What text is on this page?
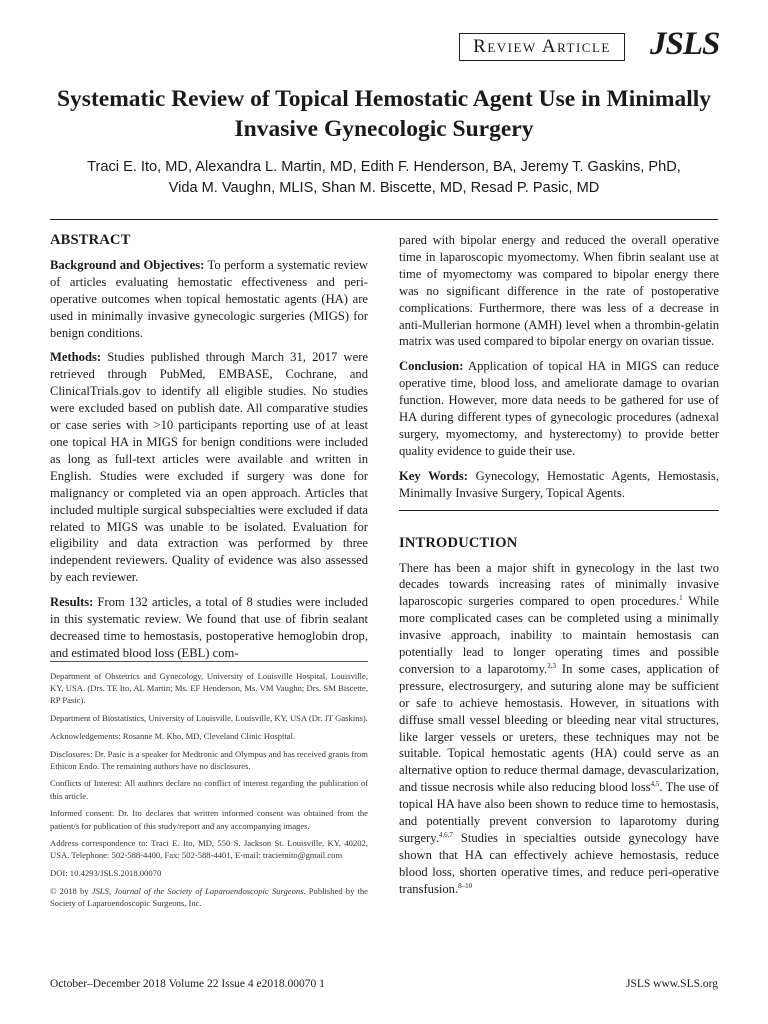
Review Article	JSLS
Systematic Review of Topical Hemostatic Agent Use in Minimally Invasive Gynecologic Surgery
Traci E. Ito, MD, Alexandra L. Martin, MD, Edith F. Henderson, BA, Jeremy T. Gaskins, PhD,
Vida M. Vaughn, MLIS, Shan M. Biscette, MD, Resad P. Pasic, MD
ABSTRACT

Background and Objectives: To perform a systematic review of articles evaluating hemostatic effectiveness and peri-operative outcomes when topical hemostatic agents (HA) are used in minimally invasive gynecologic surgeries (MIGS) for benign conditions.

Methods: Studies published through March 31, 2017 were retrieved through PubMed, EMBASE, Cochrane, and ClinicalTrials.gov to identify all eligible studies. No studies were excluded based on publish date. All comparative studies or case series with >10 participants reporting use of at least one topical HA in MIGS for benign conditions were included as long as full-text articles were available and written in English. Studies were excluded if surgery was done for malignancy or completed via an open approach. Articles that included multiple surgical subspecialties were excluded if data related to MIGS was unable to be isolated. Evaluation for eligibility and data extraction was performed by three independent reviewers. Quality of evidence was also assessed by each reviewer.

Results: From 132 articles, a total of 8 studies were included in this systematic review. We found that use of fibrin sealant decreased time to hemostasis, postoperative hemoglobin drop, and estimated blood loss (EBL) com-

Department of Obstetrics and Gynecology, University of Louisville Hospital, Louisville, KY, USA. (Drs. TE Ito, AL Martin; Ms. EF Henderson, Ms. VM Vaughn; Drs. SM Biscette, RP Pasic).

Department of Biostatistics, University of Louisville, Louisville, KY, USA (Dr. JT Gaskins).

Acknowledgements: Rosanne M. Kho, MD, Cleveland Clinic Hospital.

Disclosures: Dr. Pasic is a speaker for Medtronic and Olympus and has received grants from Ethicon Endo. The remaining authors have no disclosures.

Conflicts of Interest: All authors declare no conflict of interest regarding the publication of this article.

Informed consent: Dr. Ito declares that written informed consent was obtained from the patient/s for publication of this study/report and any accompanying images.

Address correspondence to: Traci E. Ito, MD, 550 S. Jackson St. Louisville, KY, 40202, USA. Telephone: 502-588-4400, Fax: 502-588-4401, E-mail: traciemito@gmail.com

DOI: 10.4293/JSLS.2018.00070

© 2018 by JSLS, Journal of the Society of Laparoendoscopic Surgeons. Published by the Society of Laparoendoscopic Surgeons, Inc.

pared with bipolar energy and reduced the overall operative time in laparoscopic myomectomy. When fibrin sealant use at time of myomectomy was compared to bipolar energy there was no significant difference in the rate of postoperative complications. Furthermore, there was less of a decrease in anti-Mullerian hormone (AMH) level when a thrombin-gelatin matrix was used compared to bipolar energy on ovarian tissue.

Conclusion: Application of topical HA in MIGS can reduce operative time, blood loss, and ameliorate damage to ovarian function. However, more data needs to be gathered for use of HA during different types of gynecologic procedures (adnexal surgery, myomectomy, and hysterectomy) to provide better quality evidence to guide their use.

Key Words: Gynecology, Hemostatic Agents, Hemostasis, Minimally Invasive Surgery, Topical Agents.

INTRODUCTION

There has been a major shift in gynecology in the last two decades towards increasing rates of minimally invasive laparoscopic surgeries compared to open procedures.$^1$ While more complicated cases can be completed using a minimally invasive approach, inability to maintain hemostasis can potentially lead to longer operating times and possible conversion to a laparotomy.$^{2,3}$ In some cases, application of pressure, electrosurgery, and suturing alone may be sufficient or safe to achieve hemostasis. However, in situations with diffuse small vessel bleeding or bleeding near vital structures, like larger vessels or ureters, these techniques may not be suitable. Topical hemostatic agents (HA) could serve as an alternative option to reduce thermal damage, devascularization, and tissue necrosis while also reducing blood loss$^{4,5}$. The use of topical HA have also been shown to reduce time to hemostasis, and potentially prevent conversion to laparotomy during surgery.$^{4,6,7}$ Studies in specialties outside gynecology have shown that HA can effectively achieve hemostasis, reduce blood loss, shorten operative times, and reduce peri-operative transfusion.$^{8-10}$

October–December 2018 Volume 22 Issue 4 e2018.00070 1	JSLS www.SLS.org
